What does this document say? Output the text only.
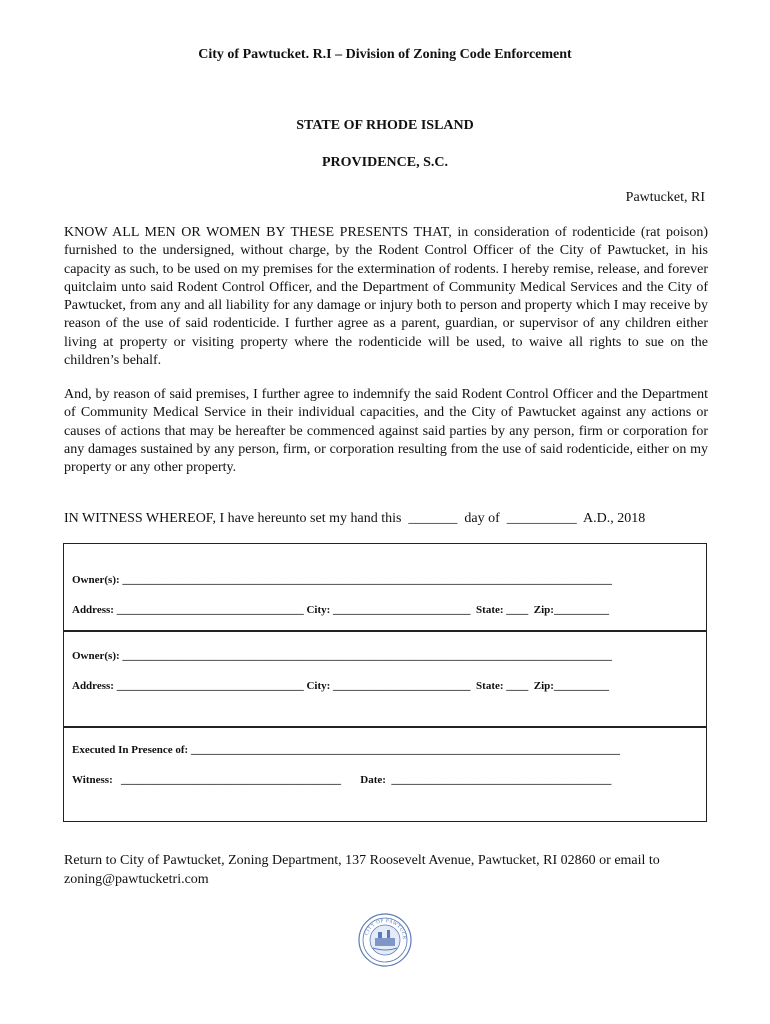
City of Pawtucket. R.I – Division of Zoning Code Enforcement
STATE OF RHODE ISLAND
PROVIDENCE, S.C.
Pawtucket, RI

KNOW ALL MEN OR WOMEN BY THESE PRESENTS THAT, in consideration of rodenticide (rat poison) furnished to the undersigned, without charge, by the Rodent Control Officer of the City of Pawtucket, in his capacity as such, to be used on my premises for the extermination of rodents. I hereby remise, release, and forever quitclaim unto said Rodent Control Officer, and the Department of Community Medical Services and the City of Pawtucket, from any and all liability for any damage or injury both to person and property which I may receive by reason of the use of said rodenticide. I further agree as a parent, guardian, or supervisor of any children either living at property or visiting property where the rodenticide will be used, to waive all rights to sue on the children’s behalf.

And, by reason of said premises, I further agree to indemnify the said Rodent Control Officer and the Department of Community Medical Service in their individual capacities, and the City of Pawtucket against any actions or causes of actions that may be hereafter be commenced against said parties by any person, firm or corporation for any damages sustained by any person, firm, or corporation resulting from the use of said rodenticide, either on my property or any other property.

IN WITNESS WHEREOF, I have hereunto set my hand this  _______  day of  __________  A.D., 2018
Owner(s): _________________________________________________________________________________________
Address: __________________________________ City: _________________________  State: ____  Zip:__________
Owner(s): _________________________________________________________________________________________
Address: __________________________________ City: _________________________  State: ____  Zip:__________
Executed In Presence of: ______________________________________________________________________________
Witness:   ________________________________________       Date:  ________________________________________
Return to City of Pawtucket, Zoning Department, 137 Roosevelt Avenue, Pawtucket, RI 02860 or email to zoning@pawtucketri.com
CITY OF PAWTUCK
